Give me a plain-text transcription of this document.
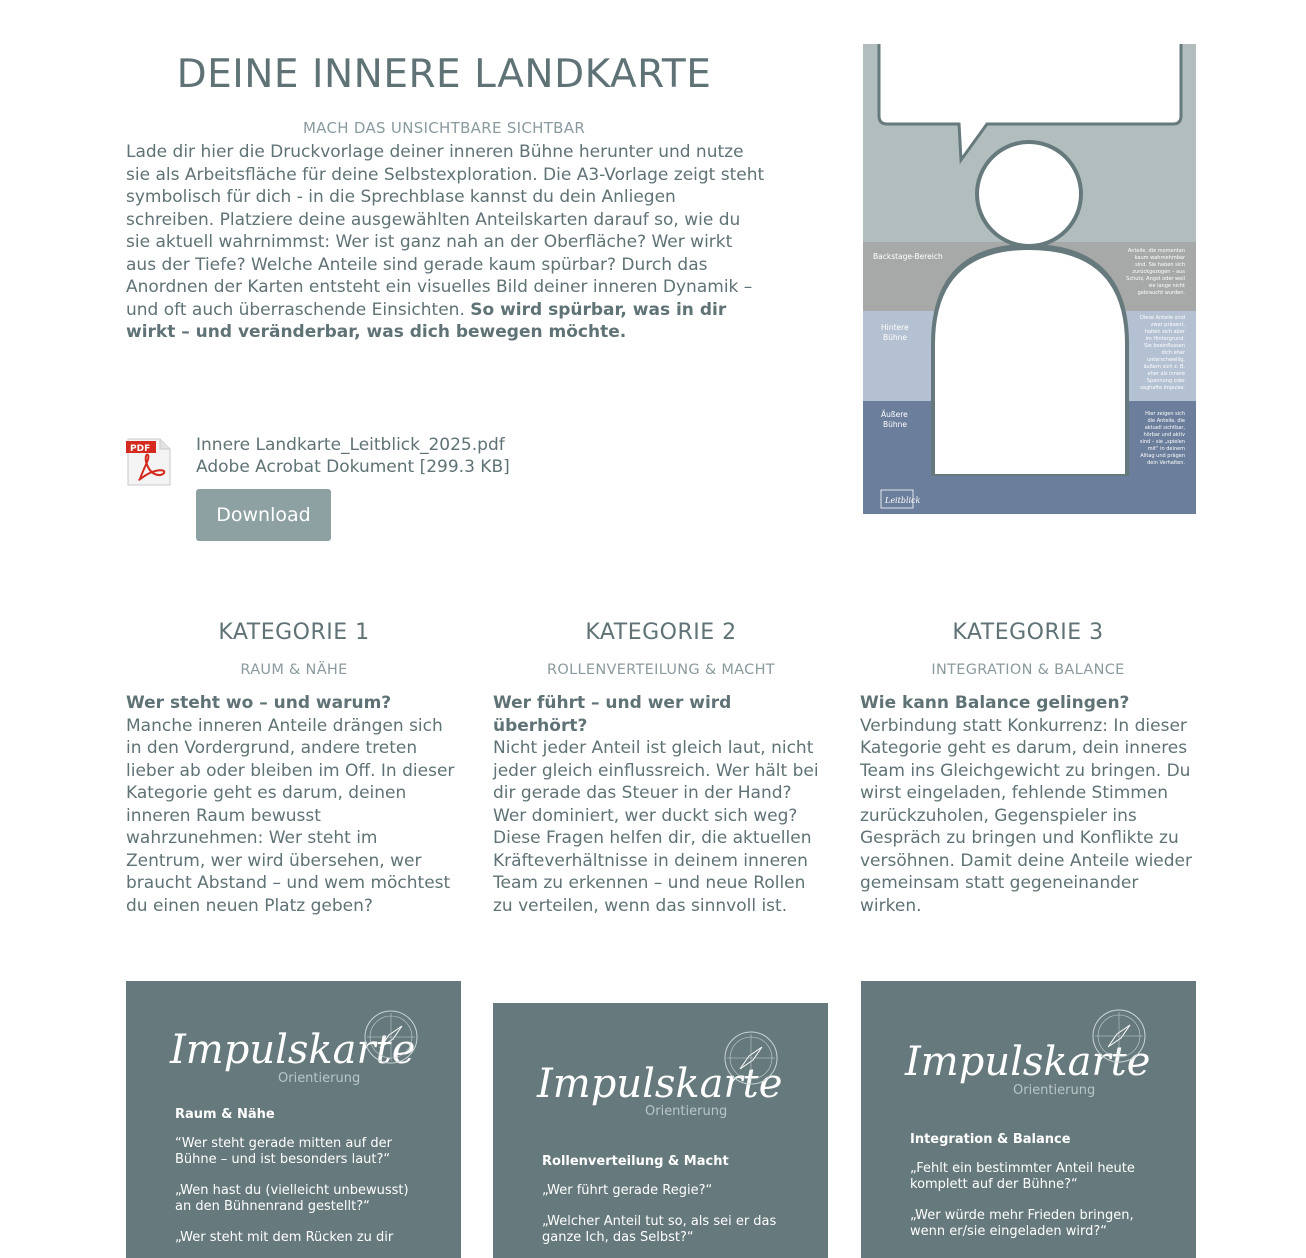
DEINE INNERE LANDKARTE
MACH DAS UNSICHTBARE SICHTBAR

Lade dir hier die Druckvorlage deiner inneren Bühne herunter und nutze sie als Arbeitsfläche für deine Selbstexploration. Die A3-Vorlage zeigt steht symbolisch für dich - in die Sprechblase kannst du dein Anliegen schreiben. Platziere deine ausgewählten Anteilskarten darauf so, wie du sie aktuell wahrnimmst: Wer ist ganz nah an der Oberfläche? Wer wirkt aus der Tiefe? Welche Anteile sind gerade kaum spürbar? Durch das Anordnen der Karten entsteht ein visuelles Bild deiner inneren Dynamik – und oft auch überraschende Einsichten. So wird spürbar, was in dir wirkt – und veränderbar, was dich bewegen möchte.

PDF	Innere Landkarte_Leitblick_2025.pdf
Adobe Acrobat Dokument [299.3 KB]
Download
Backstage-Bereich
Hintere
Bühne
Äußere
Bühne
Anteile, die momentan
kaum wahrnehmbar
sind. Sie haben sich
zurückgezogen – aus
Schutz, Angst oder weil
sie lange nicht
gebraucht wurden.
Diese Anteile sind
zwar präsent,
halten sich aber
im Hintergrund.
Sie beeinflussen
dich eher
unterschwellig,
äußern sich z. B.
eher als innere
Spannung oder
zaghafte Impulse.
Hier zeigen sich
die Anteile, die
aktuell sichtbar,
hörbar und aktiv
sind – sie „spielen
mit“ in deinem
Alltag und prägen
dein Verhalten.
Leitblick
KATEGORIE 1
RAUM & NÄHE
Wer steht wo – und warum?
Manche inneren Anteile drängen sich in den Vordergrund, andere treten lieber ab oder bleiben im Off. In dieser Kategorie geht es darum, deinen inneren Raum bewusst wahrzunehmen: Wer steht im Zentrum, wer wird übersehen, wer braucht Abstand – und wem möchtest du einen neuen Platz geben?
KATEGORIE 2
ROLLENVERTEILUNG & MACHT
Wer führt – und wer wird überhört?
Nicht jeder Anteil ist gleich laut, nicht jeder gleich einflussreich. Wer hält bei dir gerade das Steuer in der Hand? Wer dominiert, wer duckt sich weg? Diese Fragen helfen dir, die aktuellen Kräfteverhältnisse in deinem inneren Team zu erkennen – und neue Rollen zu verteilen, wenn das sinnvoll ist.
KATEGORIE 3
INTEGRATION & BALANCE
Wie kann Balance gelingen?
Verbindung statt Konkurrenz: In dieser Kategorie geht es darum, dein inneres Team ins Gleichgewicht zu bringen. Du wirst eingeladen, fehlende Stimmen zurückzuholen, Gegenspieler ins Gespräch zu bringen und Konflikte zu versöhnen. Damit deine Anteile wieder gemeinsam statt gegeneinander wirken.
Impulskarte
Orientierung
Raum & Nähe
“Wer steht gerade mitten auf der Bühne – und ist besonders laut?“
„Wen hast du (vielleicht unbewusst) an den Bühnenrand gestellt?“
„Wer steht mit dem Rücken zu dir
Impulskarte
Orientierung
Rollenverteilung & Macht
„Wer führt gerade Regie?“
„Welcher Anteil tut so, als sei er das ganze Ich, das Selbst?“
Impulskarte
Orientierung
Integration & Balance
„Fehlt ein bestimmter Anteil heute komplett auf der Bühne?“
„Wer würde mehr Frieden bringen, wenn er/sie eingeladen wird?“
